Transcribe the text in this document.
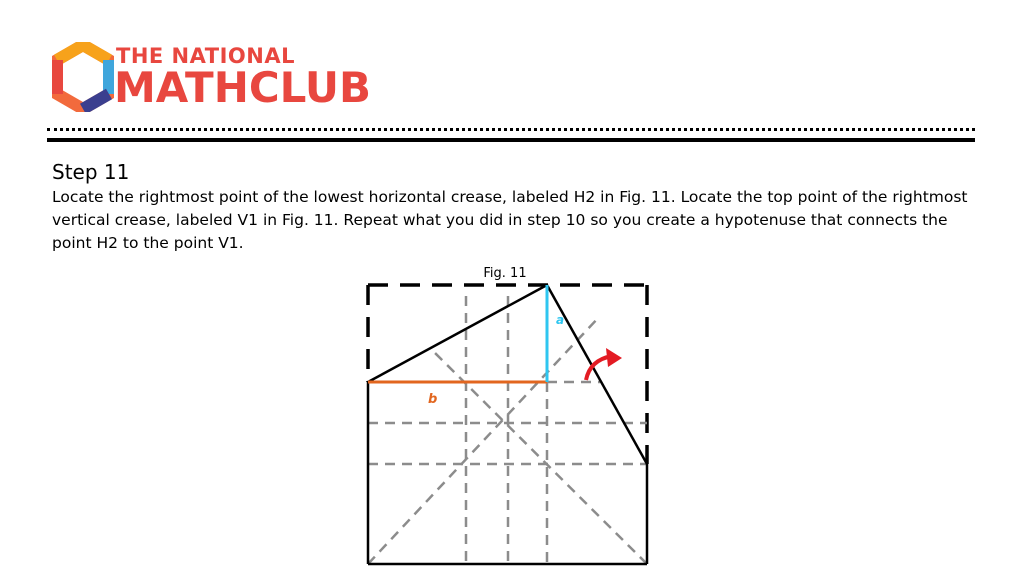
THE NATIONAL
MATHCLUB
Step 11
Locate the rightmost point of the lowest horizontal crease, labeled H2 in Fig. 11. Locate the top point of the rightmost vertical crease, labeled V1 in Fig. 11. Repeat what you did in step 10 so you create a hypotenuse that connects the point H2 to the point V1.
Fig. 11
a
b
